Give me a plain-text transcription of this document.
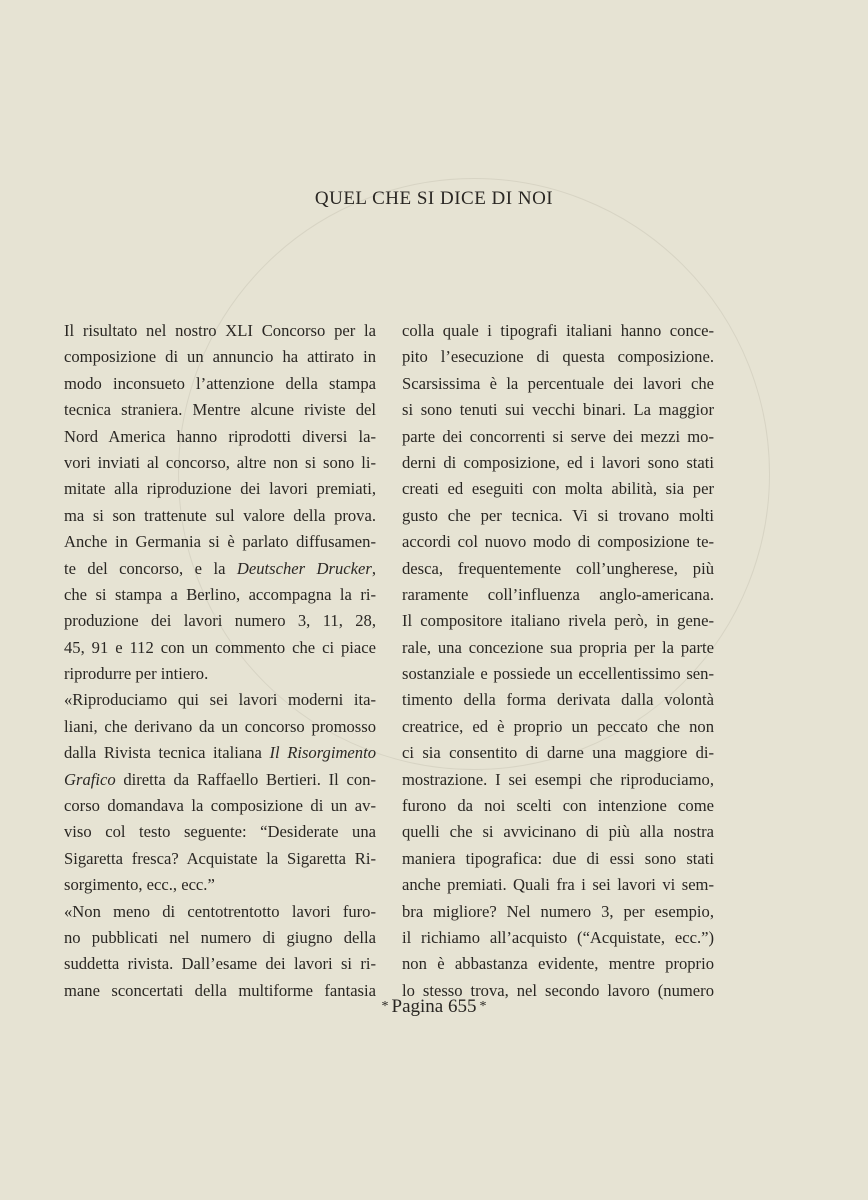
QUEL CHE SI DICE DI NOI
Il risultato nel nostro XLI Concorso per la
composizione di un annuncio ha attirato in
modo inconsueto l’attenzione della stampa
tecnica straniera. Mentre alcune riviste del
Nord America hanno riprodotti diversi la-
vori inviati al concorso, altre non si sono li-
mitate alla riproduzione dei lavori premiati,
ma si son trattenute sul valore della prova.
Anche in Germania si è parlato diffusamen-
te del concorso, e la Deutscher Drucker,
che si stampa a Berlino, accompagna la ri-
produzione dei lavori numero 3, 11, 28,
45, 91 e 112 con un commento che ci piace
riprodurre per intiero.
«Riproduciamo qui sei lavori moderni ita-
liani, che derivano da un concorso promosso
dalla Rivista tecnica italiana Il Risorgimento
Grafico diretta da Raffaello Bertieri. Il con-
corso domandava la composizione di un av-
viso col testo seguente: “Desiderate una
Sigaretta fresca? Acquistate la Sigaretta Ri-
sorgimento, ecc., ecc.”
«Non meno di centotrentotto lavori furo-
no pubblicati nel numero di giugno della
suddetta rivista. Dall’esame dei lavori si ri-
mane sconcertati della multiforme fantasia
colla quale i tipografi italiani hanno conce-
pito l’esecuzione di questa composizione.
Scarsissima è la percentuale dei lavori che
si sono tenuti sui vecchi binari. La maggior
parte dei concorrenti si serve dei mezzi mo-
derni di composizione, ed i lavori sono stati
creati ed eseguiti con molta abilità, sia per
gusto che per tecnica. Vi si trovano molti
accordi col nuovo modo di composizione te-
desca, frequentemente coll’ungherese, più
raramente coll’influenza anglo-americana.
Il compositore italiano rivela però, in gene-
rale, una concezione sua propria per la parte
sostanziale e possiede un eccellentissimo sen-
timento della forma derivata dalla volontà
creatrice, ed è proprio un peccato che non
ci sia consentito di darne una maggiore di-
mostrazione. I sei esempi che riproduciamo,
furono da noi scelti con intenzione come
quelli che si avvicinano di più alla nostra
maniera tipografica: due di essi sono stati
anche premiati. Quali fra i sei lavori vi sem-
bra migliore? Nel numero 3, per esempio,
il richiamo all’acquisto (“Acquistate, ecc.”)
non è abbastanza evidente, mentre proprio
lo stesso trova, nel secondo lavoro (numero
* Pagina 655 *
